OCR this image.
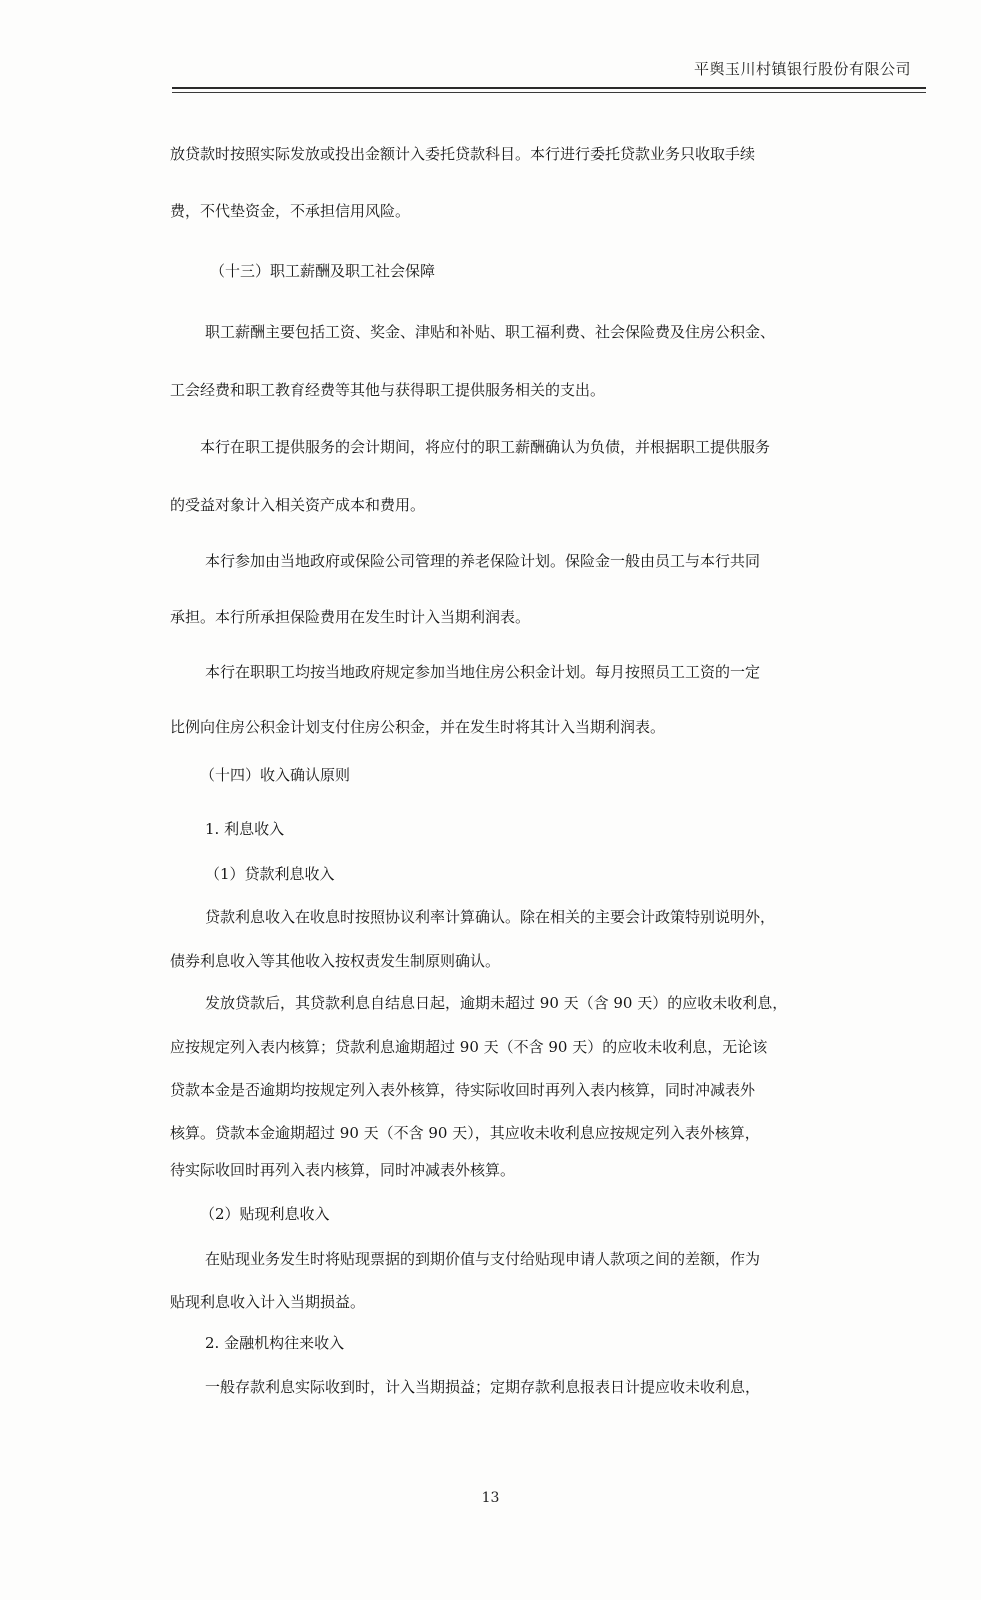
平舆玉川村镇银行股份有限公司
放贷款时按照实际发放或投出金额计入委托贷款科目。本行进行委托贷款业务只收取手续
费，不代垫资金，不承担信用风险。
（十三）职工薪酬及职工社会保障
职工薪酬主要包括工资、奖金、津贴和补贴、职工福利费、社会保险费及住房公积金、
工会经费和职工教育经费等其他与获得职工提供服务相关的支出。
本行在职工提供服务的会计期间，将应付的职工薪酬确认为负债，并根据职工提供服务
的受益对象计入相关资产成本和费用。
本行参加由当地政府或保险公司管理的养老保险计划。保险金一般由员工与本行共同
承担。本行所承担保险费用在发生时计入当期利润表。
本行在职职工均按当地政府规定参加当地住房公积金计划。每月按照员工工资的一定
比例向住房公积金计划支付住房公积金，并在发生时将其计入当期利润表。
（十四）收入确认原则
1. 利息收入
（1）贷款利息收入
贷款利息收入在收息时按照协议利率计算确认。除在相关的主要会计政策特别说明外，
债券利息收入等其他收入按权责发生制原则确认。
发放贷款后，其贷款利息自结息日起，逾期未超过 90 天（含 90 天）的应收未收利息，
应按规定列入表内核算；贷款利息逾期超过 90 天（不含 90 天）的应收未收利息，无论该
贷款本金是否逾期均按规定列入表外核算，待实际收回时再列入表内核算，同时冲减表外
核算。贷款本金逾期超过 90 天（不含 90 天），其应收未收利息应按规定列入表外核算，
待实际收回时再列入表内核算，同时冲减表外核算。
（2）贴现利息收入
在贴现业务发生时将贴现票据的到期价值与支付给贴现申请人款项之间的差额，作为
贴现利息收入计入当期损益。
2. 金融机构往来收入
一般存款利息实际收到时，计入当期损益；定期存款利息报表日计提应收未收利息，
13
